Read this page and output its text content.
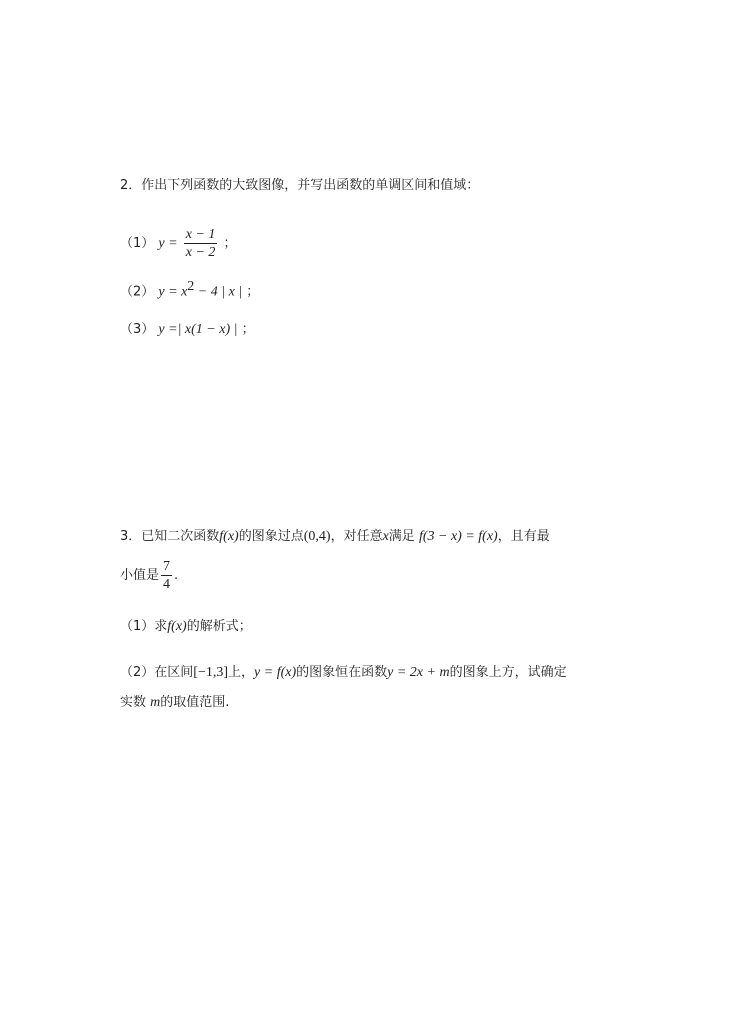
2．作出下列函数的大致图像，并写出函数的单调区间和值域：
（1） $y = \frac{x - 1}{x - 2}$ ；
（2） $y = x^2 - 4$ | x | ；
（3） y =| x(1 − x) | ；
3．已知二次函数f(x)的图象过点(0,4)，对任意x满足 f(3 − x) = f(x)，且有最
小值是 $\frac{7}{4}$ .
（1）求f(x)的解析式；
（2）在区间[−1,3]上，y = f(x)的图象恒在函数y = 2x + m的图象上方，试确定
实数 m的取值范围.
